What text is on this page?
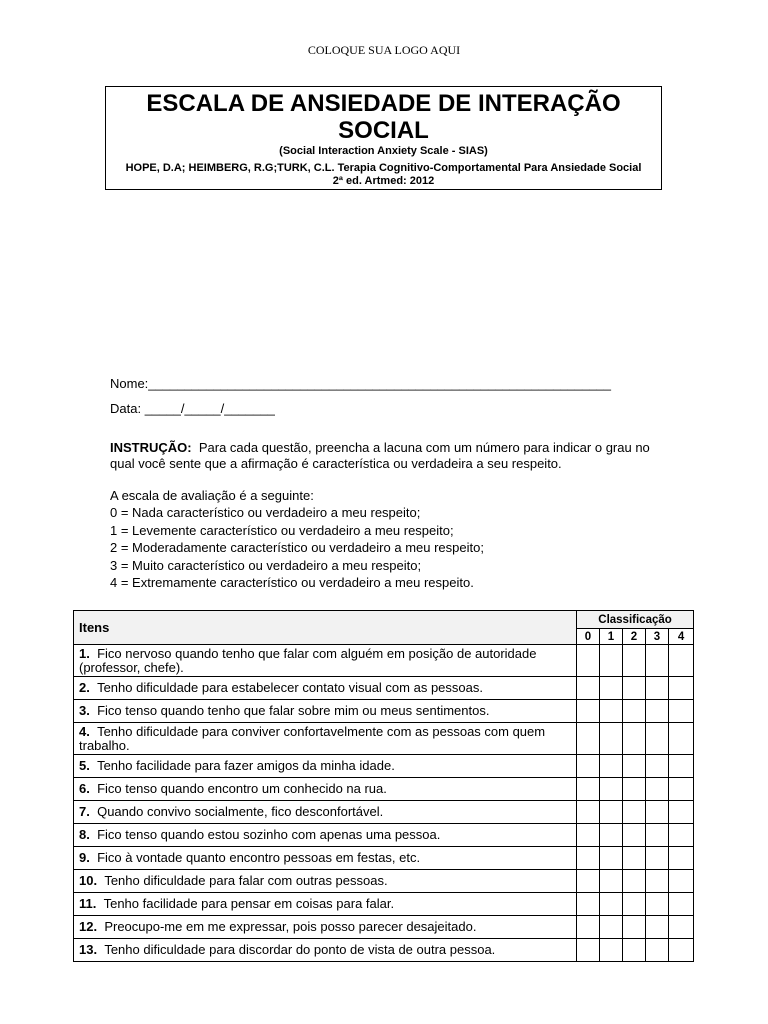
COLOQUE SUA LOGO AQUI
ESCALA DE ANSIEDADE DE INTERAÇÃO
SOCIAL
(Social Interaction Anxiety Scale - SIAS)
HOPE, D.A; HEIMBERG, R.G;TURK, C.L. Terapia Cognitivo-Comportamental Para Ansiedade Social
2ª ed. Artmed: 2012
Nome:________________________________________________________________
Data: _____/_____/_______
INSTRUÇÃO: Para cada questão, preencha a lacuna com um número para indicar o grau no qual você sente que a afirmação é característica ou verdadeira a seu respeito.
A escala de avaliação é a seguinte:
0 = Nada característico ou verdadeiro a meu respeito;
1 = Levemente característico ou verdadeiro a meu respeito;
2 = Moderadamente característico ou verdadeiro a meu respeito;
3 = Muito característico ou verdadeiro a meu respeito;
4 = Extremamente característico ou verdadeiro a meu respeito.
Itens	Classificação				
	0	1	2	3	4
1. Fico nervoso quando tenho que falar com alguém em posição de autoridade (professor, chefe).					
2. Tenho dificuldade para estabelecer contato visual com as pessoas.					
3. Fico tenso quando tenho que falar sobre mim ou meus sentimentos.					
4. Tenho dificuldade para conviver confortavelmente com as pessoas com quem trabalho.					
5. Tenho facilidade para fazer amigos da minha idade.					
6. Fico tenso quando encontro um conhecido na rua.					
7. Quando convivo socialmente, fico desconfortável.					
8. Fico tenso quando estou sozinho com apenas uma pessoa.					
9. Fico à vontade quanto encontro pessoas em festas, etc.					
10. Tenho dificuldade para falar com outras pessoas.					
11. Tenho facilidade para pensar em coisas para falar.					
12. Preocupo-me em me expressar, pois posso parecer desajeitado.					
13. Tenho dificuldade para discordar do ponto de vista de outra pessoa.					
